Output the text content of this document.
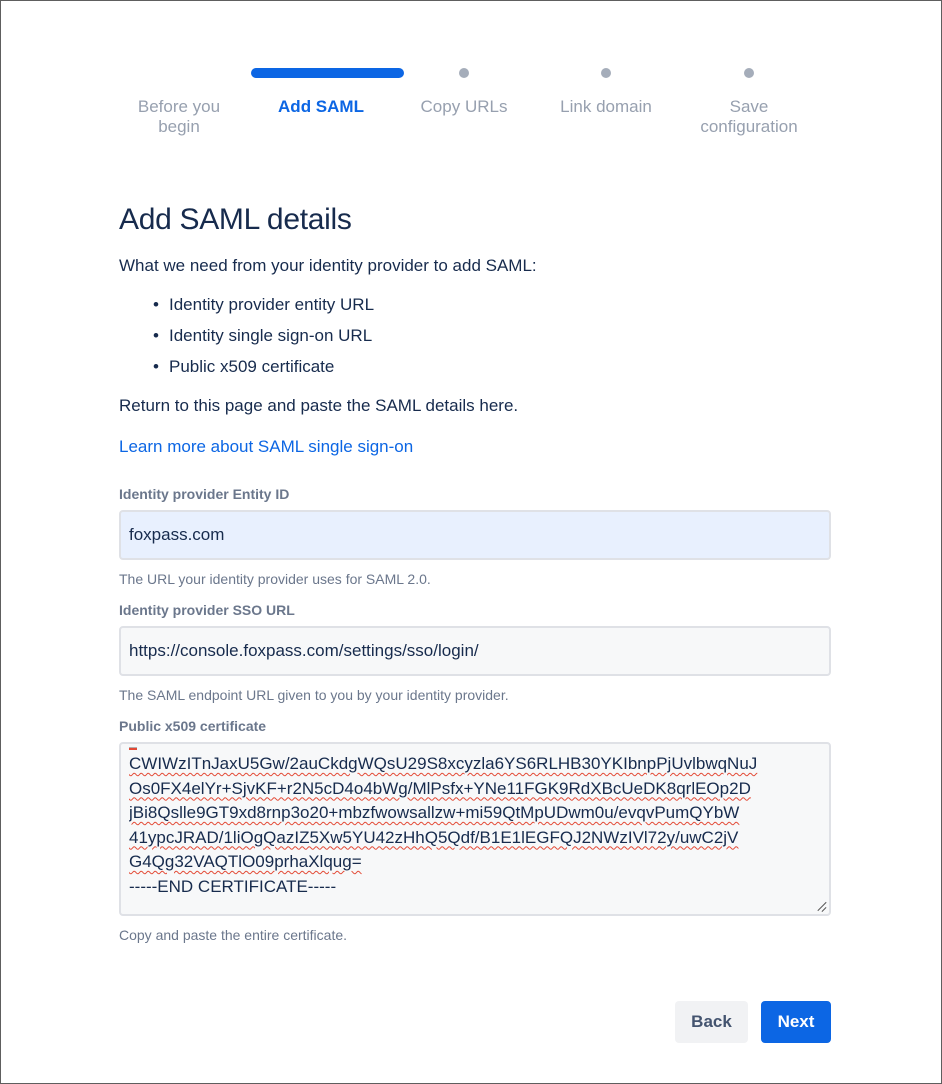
Before you
begin
Add SAML	Copy URLs	Link domain	Save
configuration
Add SAML details

What we need from your identity provider to add SAML:

• Identity provider entity URL
• Identity single sign-on URL
• Public x509 certificate

Return to this page and paste the SAML details here.

Learn more about SAML single sign-on
Identity provider Entity ID
foxpass.com
The URL your identity provider uses for SAML 2.0.
Identity provider SSO URL
https://console.foxpass.com/settings/sso/login/
The SAML endpoint URL given to you by your identity provider.
Public x509 certificate
CWIWzITnJaxU5Gw/2auCkdgWQsU29S8xcyzla6YS6RLHB30YKIbnpPjUvlbwqNuJ
Os0FX4elYr+SjvKF+r2N5cD4o4bWg/MlPsfx+YNe11FGK9RdXBcUeDK8qrlEOp2D
jBi8Qslle9GT9xd8rnp3o20+mbzfwowsallzw+mi59QtMpUDwm0u/evqvPumQYbW
41ypcJRAD/1liOgQazIZ5Xw5YU42zHhQ5Qdf/B1E1lEGFQJ2NWzIVl72y/uwC2jV
G4Qg32VAQTlO09prhaXlqug=
-----END CERTIFICATE-----
Copy and paste the entire certificate.
Back	Next
